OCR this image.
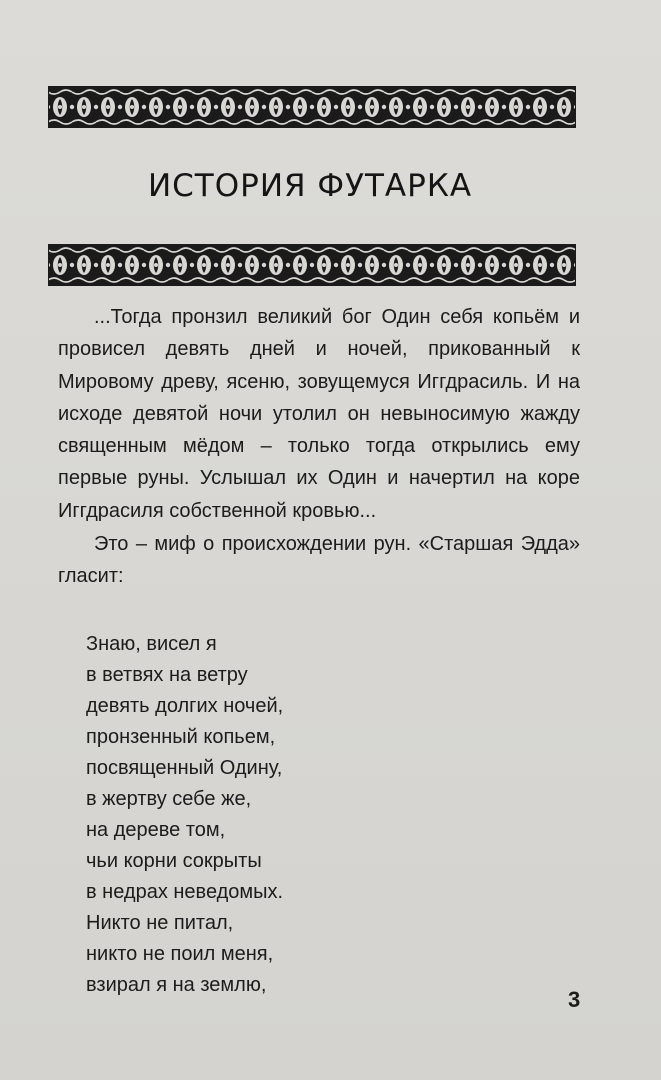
ИСТОРИЯ ФУТАРКА

...Тогда пронзил великий бог Один себя копьём и провисел девять дней и ночей, прикованный к Мировому древу, ясеню, зовущемуся Иггдрасиль. И на исходе девятой ночи утолил он невыносимую жажду священным мёдом – только тогда открылись ему первые руны. Услышал их Один и начертил на коре Иггдрасиля собственной кровью...

Это – миф о происхождении рун. «Старшая Эдда» гласит:

Знаю, висел я
в ветвях на ветру
девять долгих ночей,
пронзенный копьем,
посвященный Одину,
в жертву себе же,
на дереве том,
чьи корни сокрыты
в недрах неведомых.
Никто не питал,
никто не поил меня,
взирал я на землю,
3
